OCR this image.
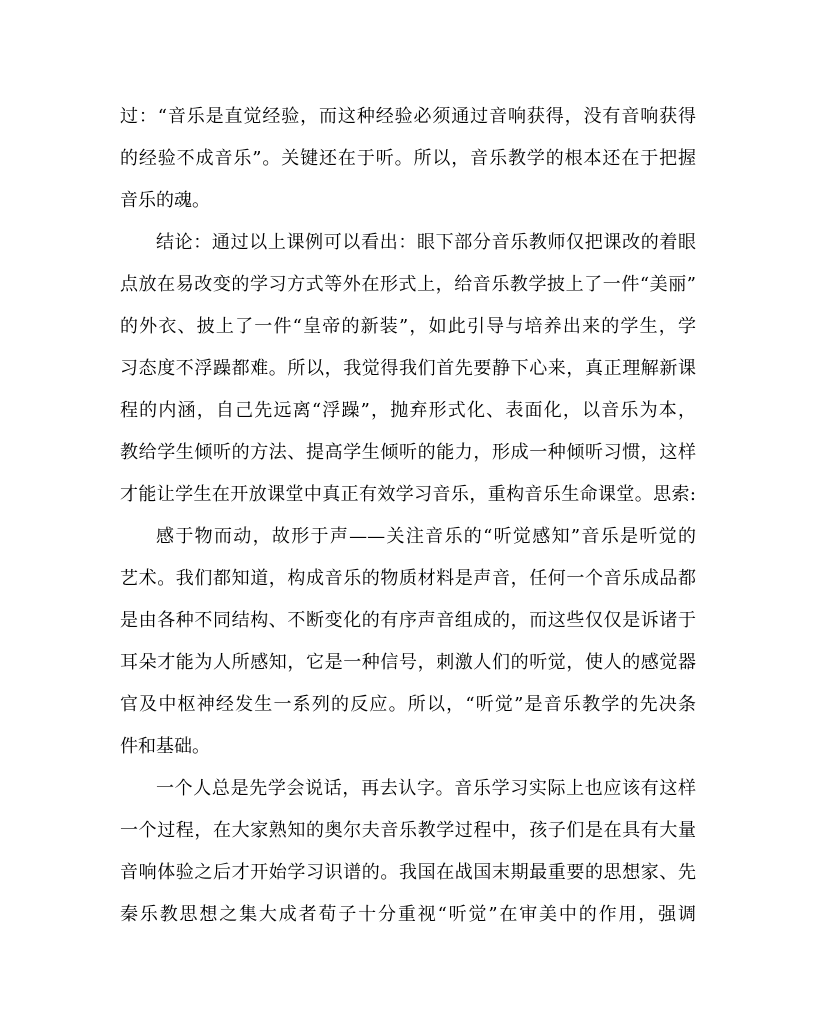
过：“音乐是直觉经验，而这种经验必须通过音响获得，没有音响获得
的经验不成音乐”。关键还在于听。所以，音乐教学的根本还在于把握
音乐的魂。
结论：通过以上课例可以看出：眼下部分音乐教师仅把课改的着眼
点放在易改变的学习方式等外在形式上，给音乐教学披上了一件“美丽”
的外衣、披上了一件“皇帝的新装”，如此引导与培养出来的学生，学
习态度不浮躁都难。所以，我觉得我们首先要静下心来，真正理解新课
程的内涵，自己先远离“浮躁”，抛弃形式化、表面化，以音乐为本，
教给学生倾听的方法、提高学生倾听的能力，形成一种倾听习惯，这样
才能让学生在开放课堂中真正有效学习音乐，重构音乐生命课堂。思索:
感于物而动，故形于声——关注音乐的“听觉感知”音乐是听觉的
艺术。我们都知道，构成音乐的物质材料是声音，任何一个音乐成品都
是由各种不同结构、不断变化的有序声音组成的，而这些仅仅是诉诸于
耳朵才能为人所感知，它是一种信号，刺激人们的听觉，使人的感觉器
官及中枢神经发生一系列的反应。所以，“听觉”是音乐教学的先决条
件和基础。
一个人总是先学会说话，再去认字。音乐学习实际上也应该有这样
一个过程，在大家熟知的奥尔夫音乐教学过程中，孩子们是在具有大量
音响体验之后才开始学习识谱的。我国在战国末期最重要的思想家、先
秦乐教思想之集大成者荀子十分重视“听觉”在审美中的作用，强调
